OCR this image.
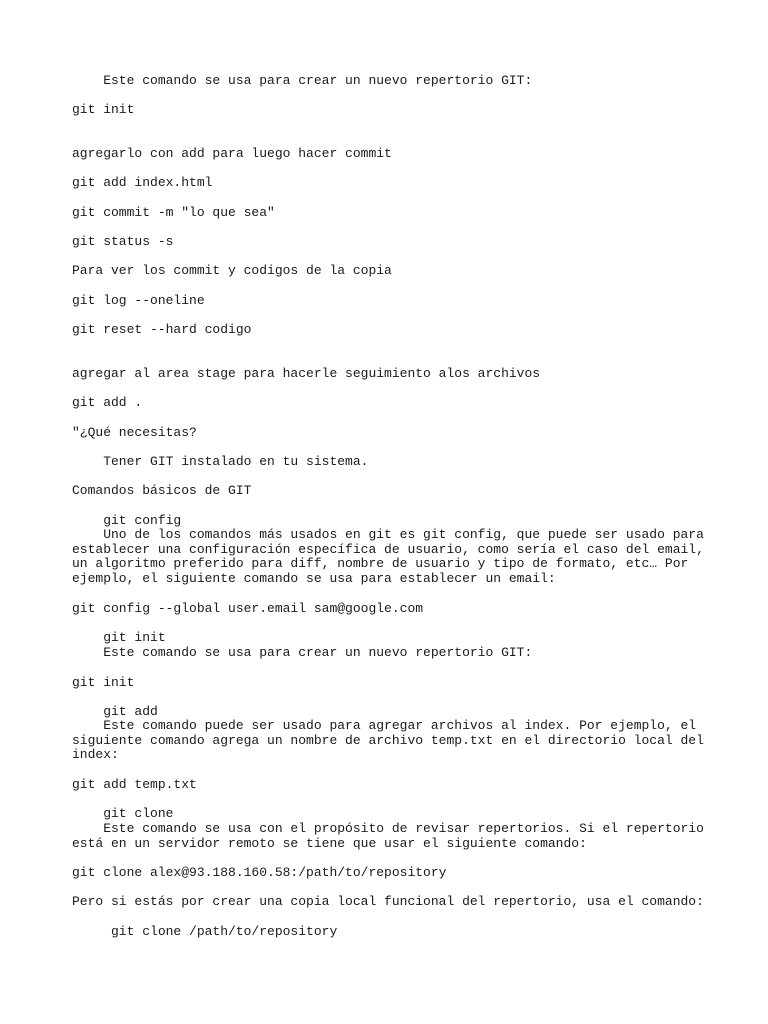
Este comando se usa para crear un nuevo repertorio GIT:

git init

agregarlo con add para luego hacer commit

git add index.html

git commit -m "lo que sea"

git status -s

Para ver los commit y codigos de la copia

git log --oneline

git reset --hard codigo

agregar al area stage para hacerle seguimiento alos archivos

git add .

"¿Qué necesitas?

Tener GIT instalado en tu sistema.

Comandos básicos de GIT

git config

Uno de los comandos más usados en git es git config, que puede ser usado para

establecer una configuración específica de usuario, como sería el caso del email,

un algoritmo preferido para diff, nombre de usuario y tipo de formato, etc… Por

ejemplo, el siguiente comando se usa para establecer un email:

git config --global user.email sam@google.com

git init

Este comando se usa para crear un nuevo repertorio GIT:

git init

git add

Este comando puede ser usado para agregar archivos al index. Por ejemplo, el

siguiente comando agrega un nombre de archivo temp.txt en el directorio local del

index:

git add temp.txt

git clone

Este comando se usa con el propósito de revisar repertorios. Si el repertorio

está en un servidor remoto se tiene que usar el siguiente comando:

git clone alex@93.188.160.58:/path/to/repository

Pero si estás por crear una copia local funcional del repertorio, usa el comando:

git clone /path/to/repository
